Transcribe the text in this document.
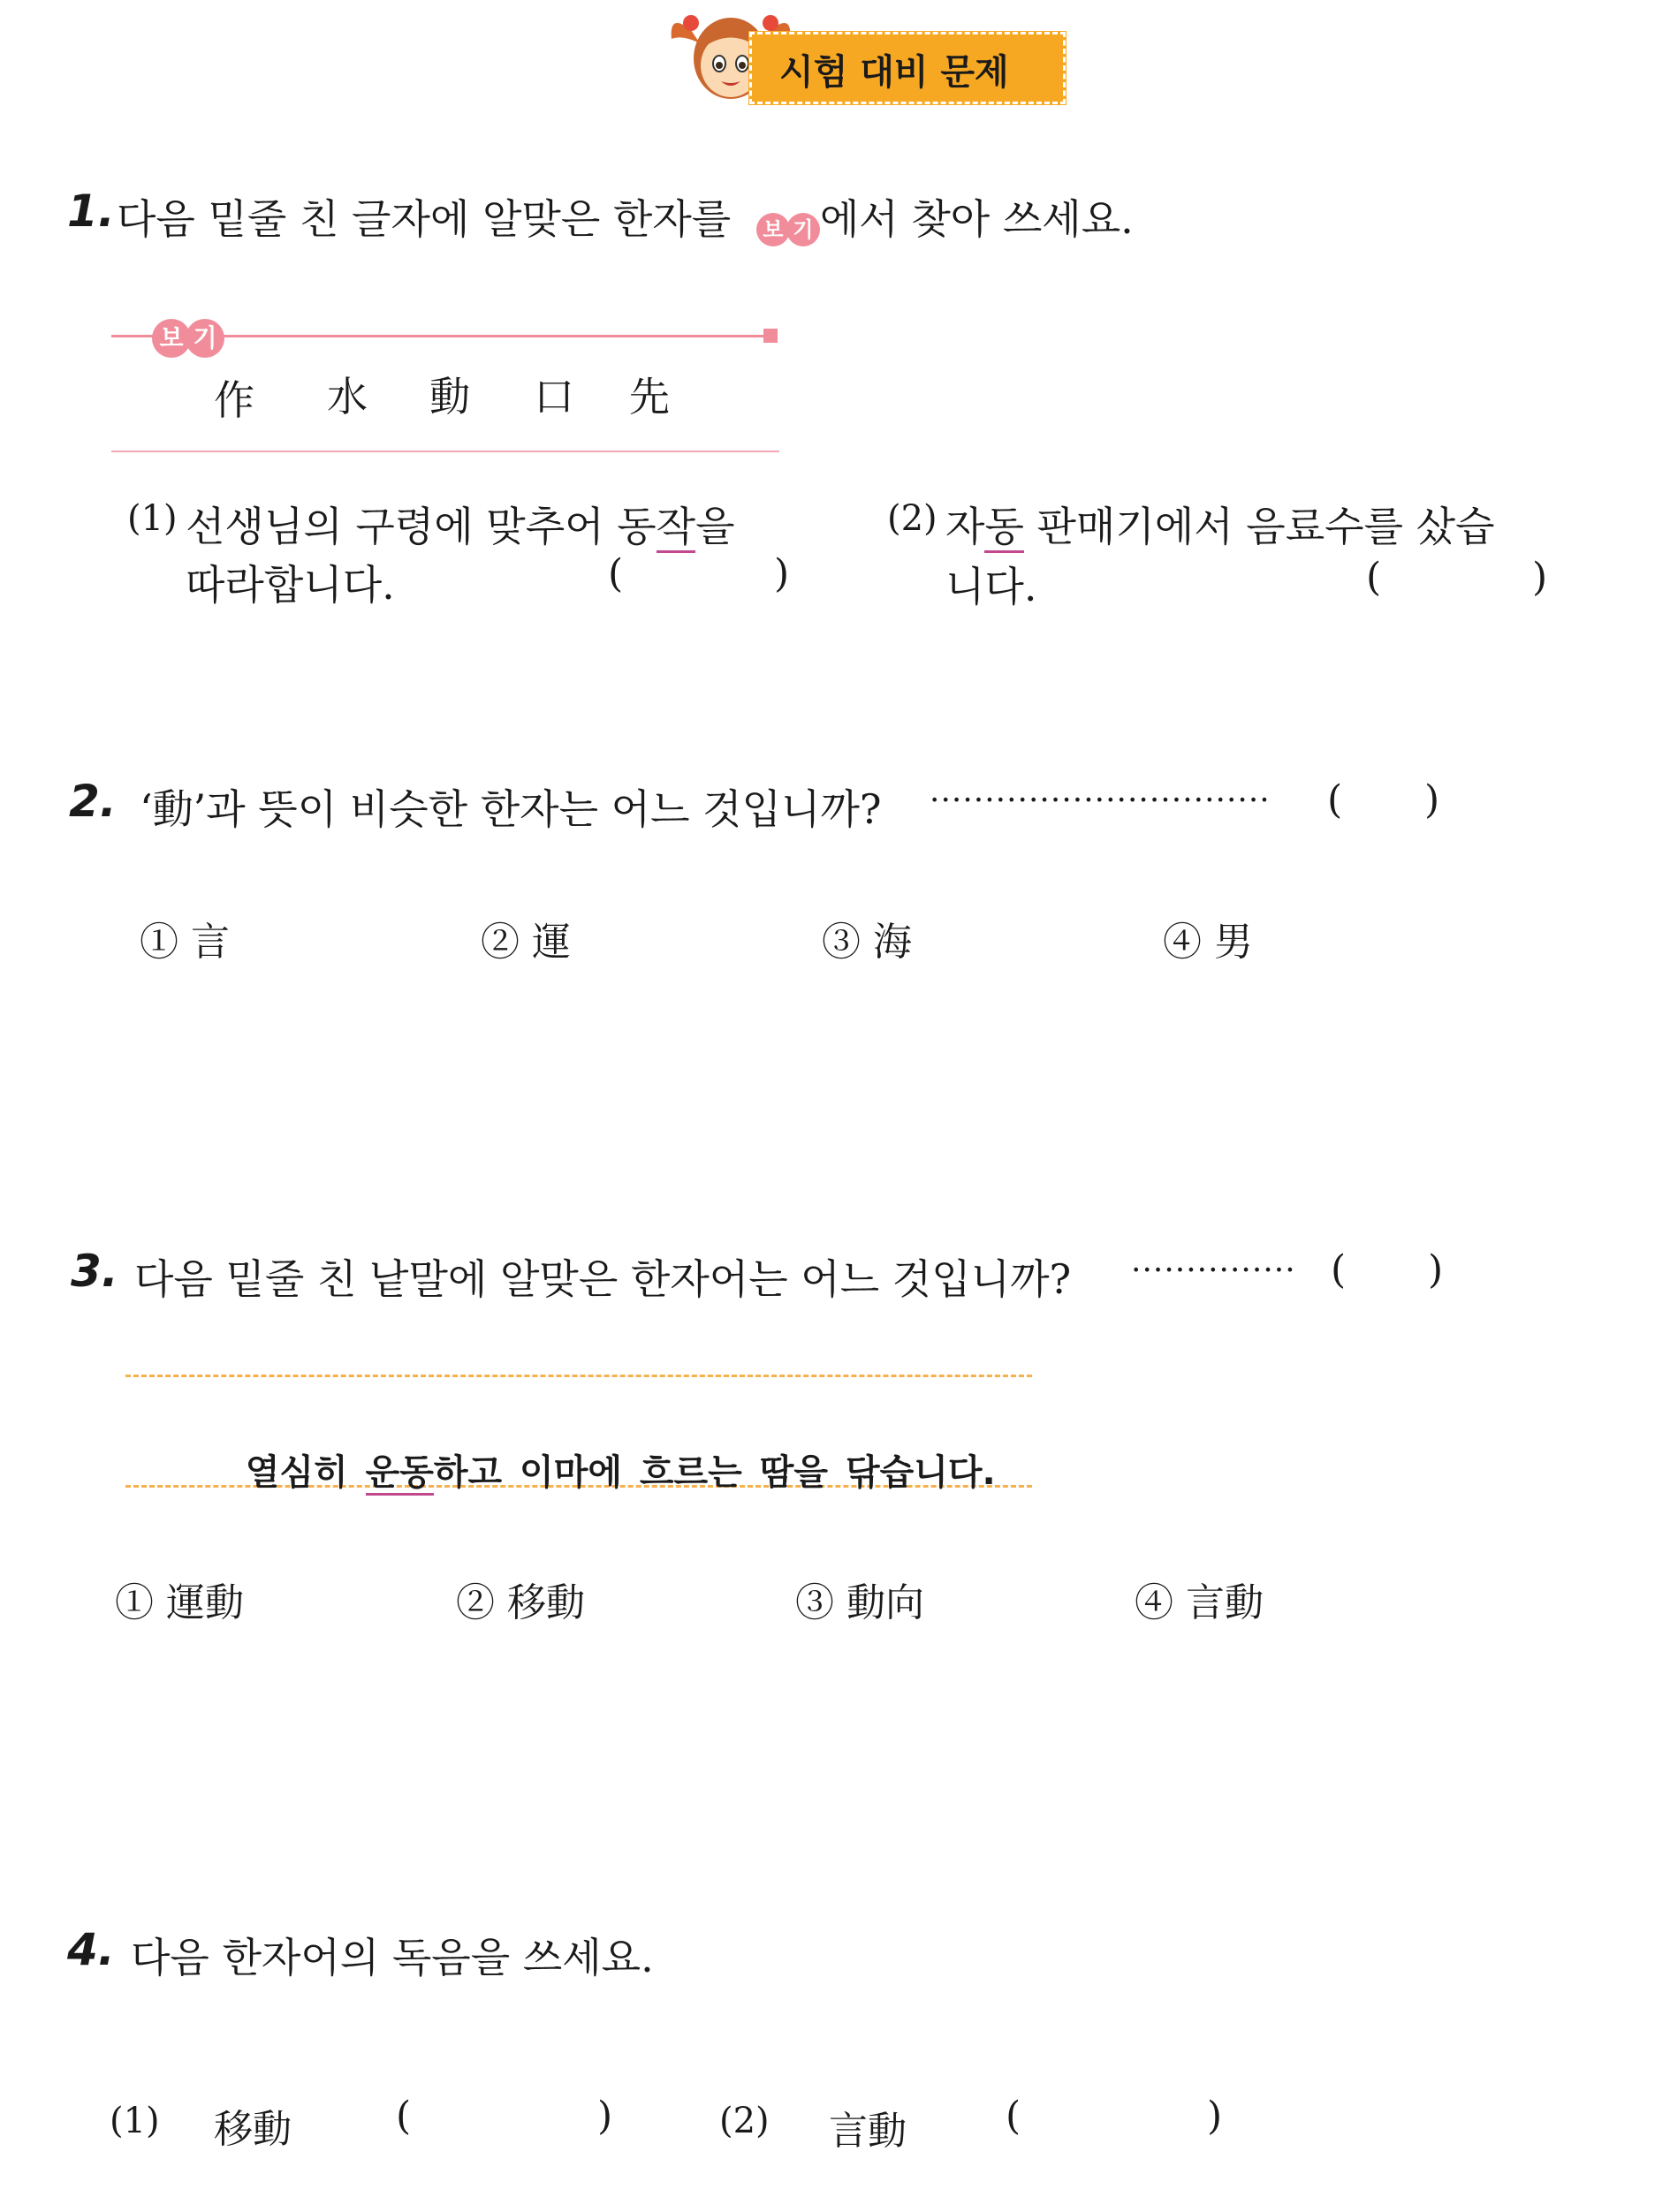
시험 대비 문제
1. 다음 밑줄 친 글자에 알맞은 한자를 보 기 에서 찾아 쓰세요.
보 기
作 水 動 口 先
(1) 선생님의 구령에 맞추어 동작을
따라합니다.	(	)
(2) 자동 판매기에서 음료수를 샀습
니다.	(	)
2. ‘動’과 뜻이 비슷한 한자는 어느 것입니까? ······························· ( )
① 言	② 運	③ 海	④ 男
3. 다음 밑줄 친 낱말에 알맞은 한자어는 어느 것입니까? ··············· ( )

열심히 운동하고 이마에 흐르는 땀을 닦습니다.

① 運動	② 移動	③ 動向	④ 言動
4. 다음 한자어의 독음을 쓰세요.
(1) 移動	(	)	(2) 言動	(	)
